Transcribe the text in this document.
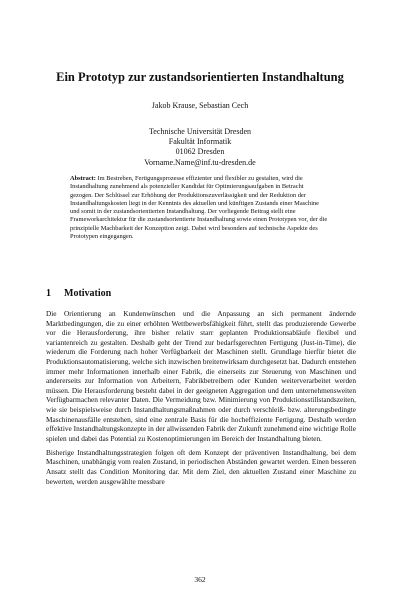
Ein Prototyp zur zustandsorientierten Instandhaltung
Jakob Krause, Sebastian Cech
Technische Universität Dresden
Fakultät Informatik
01062 Dresden
Vorname.Name@inf.tu-dresden.de
Abstract: Im Bestreben, Fertigungsprozesse effizienter und flexibler zu gestalten, wird die Instandhaltung zunehmend als potenzieller Kandidat für Optimierungsaufgaben in Betracht gezogen. Der Schlüssel zur Erhöhung der Produktionszuverlässigkeit und der Reduktion der Instandhaltungskosten liegt in der Kenntnis des aktuellen und künftigen Zustands einer Maschine und somit in der zustandsorientierten Instandhaltung. Der vorliegende Beitrag stellt eine Frameworkarchitektur für die zustandsorientierte Instandhaltung sowie einen Prototypen vor, der die prinzipielle Machbarkeit der Konzeption zeigt. Dabei wird besonders auf technische Aspekte des Prototypen eingegangen.
1 Motivation

Die Orientierung an Kundenwünschen und die Anpassung an sich permanent ändernde Marktbedingungen, die zu einer erhöhten Wettbewerbsfähigkeit führt, stellt das produzierende Gewerbe vor die Herausforderung, ihre bisher relativ starr geplanten Produktionsabläufe flexibel und variantenreich zu gestalten. Deshalb geht der Trend zur bedarfsgerechten Fertigung (Just-in-Time), die wiederum die Forderung nach hoher Verfügbarkeit der Maschinen stellt. Grundlage hierfür bietet die Produktionsautomatisierung, welche sich inzwischen breitenwirksam durchgesetzt hat. Dadurch entstehen immer mehr Informationen innerhalb einer Fabrik, die einerseits zur Steuerung von Maschinen und andererseits zur Information von Arbeitern, Fabrikbetreibern oder Kunden weiterverarbeitet werden müssen. Die Herausforderung besteht dabei in der geeigneten Aggregation und dem unternehmensweiten Verfügbarmachen relevanter Daten. Die Vermeidung bzw. Minimierung von Produktionsstillstandszeiten, wie sie beispielsweise durch Instandhaltungsmaßnahmen oder durch verschleiß- bzw. alterungsbedingte Maschinenausfälle entstehen, sind eine zentrale Basis für die hocheffiziente Fertigung. Deshalb werden effektive Instandhaltungskonzepte in der allwissenden Fabrik der Zukunft zunehmend eine wichtige Rolle spielen und dabei das Potential zu Kostenoptimierungen im Bereich der Instandhaltung bieten.

Bisherige Instandhaltungsstrategien folgen oft dem Konzept der präventiven Instandhaltung, bei dem Maschinen, unabhängig vom realen Zustand, in periodischen Abständen gewartet werden. Einen besseren Ansatz stellt das Condition Monitoring dar. Mit dem Ziel, den aktuellen Zustand einer Maschine zu bewerten, werden ausgewählte messbare

362
